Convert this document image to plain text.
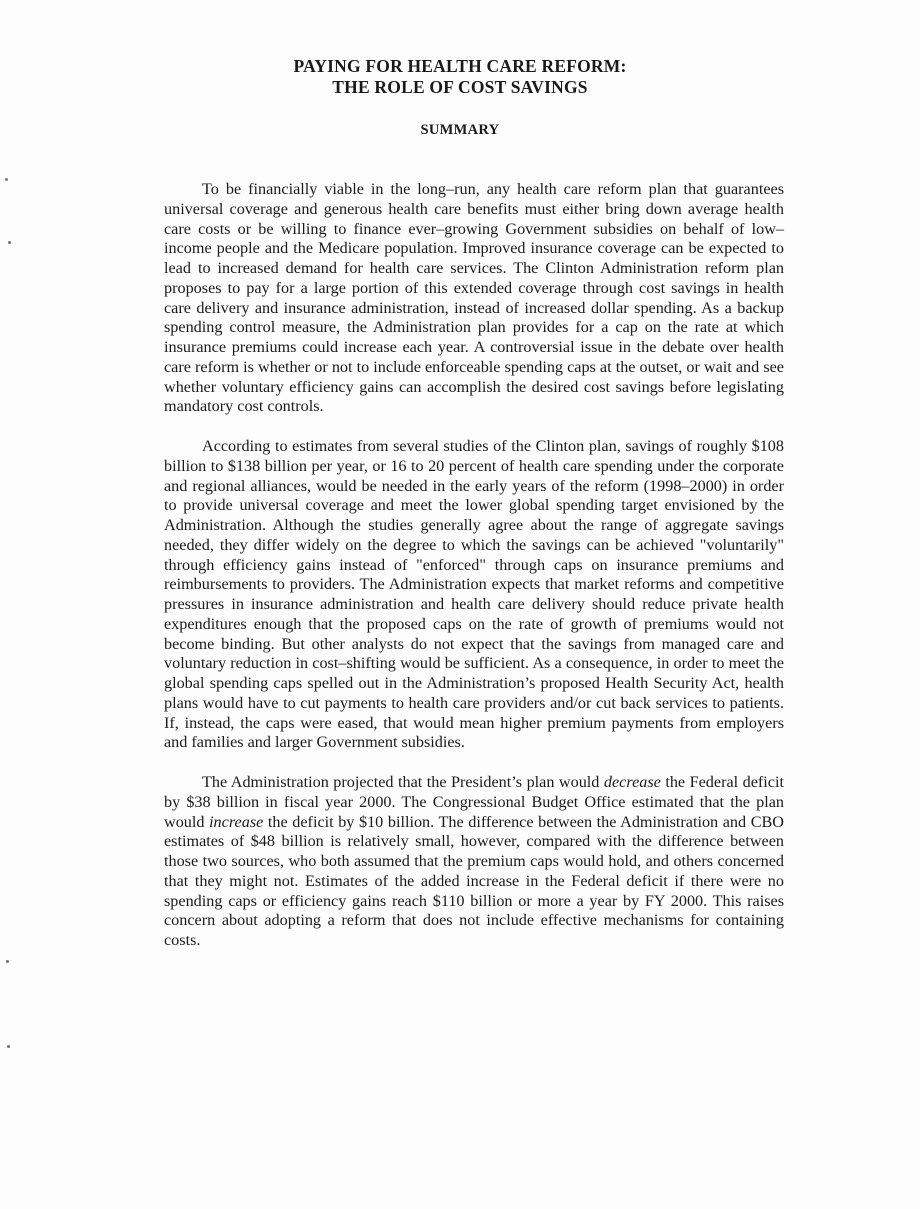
PAYING FOR HEALTH CARE REFORM:

THE ROLE OF COST SAVINGS

SUMMARY

To be financially viable in the long–run, any health care reform plan that guarantees universal coverage and generous health care benefits must either bring down average health care costs or be willing to finance ever–growing Government subsidies on behalf of low–income people and the Medicare population. Improved insurance coverage can be expected to lead to increased demand for health care services. The Clinton Administration reform plan proposes to pay for a large portion of this extended coverage through cost savings in health care delivery and insurance administration, instead of increased dollar spending. As a backup spending control measure, the Administration plan provides for a cap on the rate at which insurance premiums could increase each year. A controversial issue in the debate over health care reform is whether or not to include enforceable spending caps at the outset, or wait and see whether voluntary efficiency gains can accomplish the desired cost savings before legislating mandatory cost controls.

According to estimates from several studies of the Clinton plan, savings of roughly $108 billion to $138 billion per year, or 16 to 20 percent of health care spending under the corporate and regional alliances, would be needed in the early years of the reform (1998–2000) in order to provide universal coverage and meet the lower global spending target envisioned by the Administration. Although the studies generally agree about the range of aggregate savings needed, they differ widely on the degree to which the savings can be achieved "voluntarily" through efficiency gains instead of "enforced" through caps on insurance premiums and reimbursements to providers. The Administration expects that market reforms and competitive pressures in insurance administration and health care delivery should reduce private health expenditures enough that the proposed caps on the rate of growth of premiums would not become binding. But other analysts do not expect that the savings from managed care and voluntary reduction in cost–shifting would be sufficient. As a consequence, in order to meet the global spending caps spelled out in the Administration’s proposed Health Security Act, health plans would have to cut payments to health care providers and/or cut back services to patients. If, instead, the caps were eased, that would mean higher premium payments from employers and families and larger Government subsidies.

The Administration projected that the President’s plan would decrease the Federal deficit by $38 billion in fiscal year 2000. The Congressional Budget Office estimated that the plan would increase the deficit by $10 billion. The difference between the Administration and CBO estimates of $48 billion is relatively small, however, compared with the difference between those two sources, who both assumed that the premium caps would hold, and others concerned that they might not. Estimates of the added increase in the Federal deficit if there were no spending caps or efficiency gains reach $110 billion or more a year by FY 2000. This raises concern about adopting a reform that does not include effective mechanisms for containing costs.
